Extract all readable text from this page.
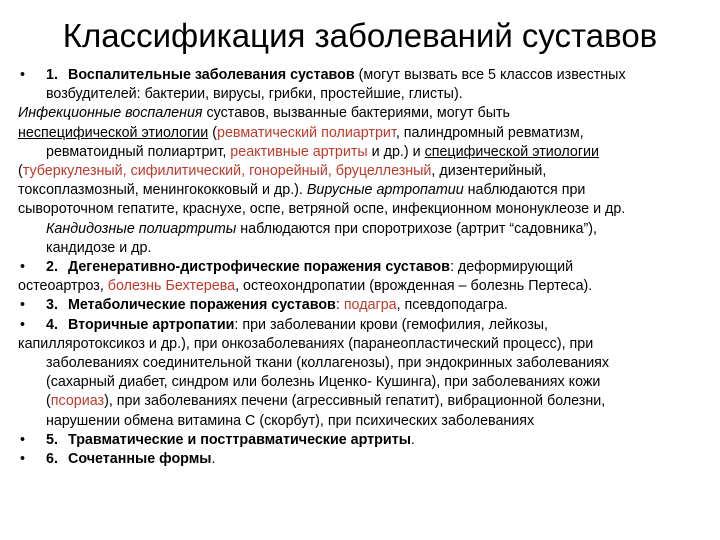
Классификация заболеваний суставов

• 1. Воспалительные заболевания суставов (могут вызвать все 5 классов известных

возбудителей: бактерии, вирусы, грибки, простейшие, глисты).

Инфекционные воспаления суставов, вызванные бактериями, могут быть

неспецифической этиологии (ревматический полиартрит, палиндромный ревматизм,

ревматоидный полиартрит, реактивные артриты и др.) и специфической этиологии

(туберкулезный, сифилитический, гонорейный, бруцеллезный, дизентерийный,

токсоплазмозный, менингококковый и др.). Вирусные артропатии наблюдаются при

сывороточном гепатите, краснухе, оспе, ветряной оспе, инфекционном мононуклеозе и др.

Кандидозные полиартриты наблюдаются при споротрихозе (артрит “садовника”),

кандидозе и др.

• 2. Дегенеративно-дистрофические поражения суставов: деформирующий

остеоартроз, болезнь Бехтерева, остеохондропатии (врожденная – болезнь Пертеса).

• 3. Метаболические поражения суставов: подагра, псевдоподагра.

• 4. Вторичные артропатии: при заболевании крови (гемофилия, лейкозы,

капилляротоксикоз и др.), при онкозаболеваниях (паранеопластический процесс), при

заболеваниях соединительной ткани (коллагенозы), при эндокринных заболеваниях

(сахарный диабет, синдром или болезнь Иценко- Кушинга), при заболеваниях кожи

(псориаз), при заболеваниях печени (агрессивный гепатит), вибрационной болезни,

нарушении обмена витамина С (скорбут), при психических заболеваниях

• 5. Травматические и посттравматические артриты.

• 6. Сочетанные формы.
